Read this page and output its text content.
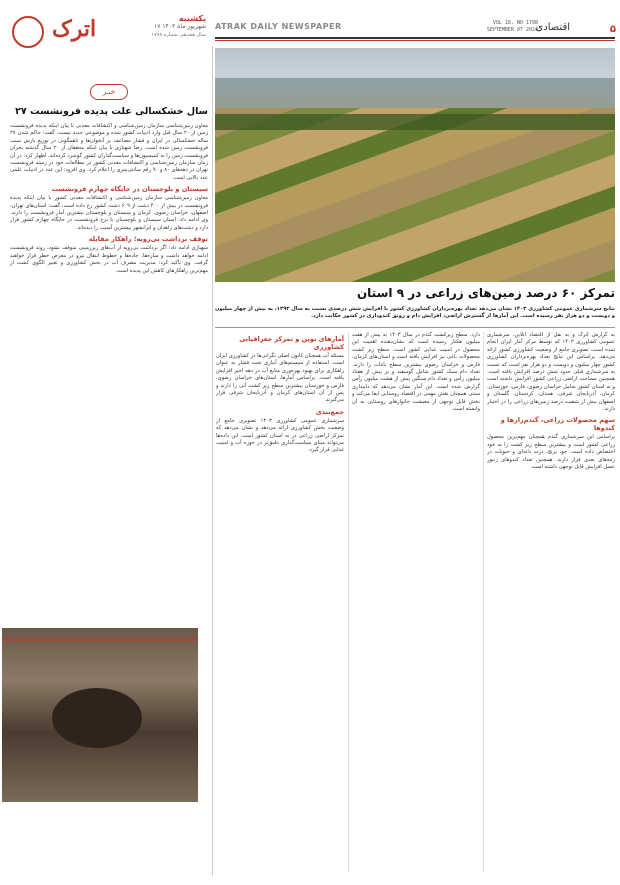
۵
اقتصادی
VOL 18, NO 1798
SEPTEMBER 07 2024
ATRAK DAILY NEWSPAPER
اترک	یکشنبه
۱۷ شهریور ماه ۱۴۰۳
سال هجدهم، شماره ۱۷۹۸
خبـر
۲۷ سال خشکسالی علت پدیده فرونشست

معاون زمین‌شناسی سازمان زمین‌شناسی و اکتشافات معدنی با بیان اینکه پدیده فرونشست زمین از ۲۰ سال قبل وارد ادبیات کشور شده و موضوعی جدید نیست، گفت: حاکم شدن ۲۷ ساله خشکسالی در ایران و فشار مضاعف بر آبخوان‌ها و ناهمگونی در توزیع بارش سبب فرونشست زمین شده است. رضا شهبازی با بیان اینکه محققان از ۲۰ سال گذشته بحران فرونشست زمین را به کمیسیون‌ها و سیاست‌گذاران کشور گوشزد کرده‌اند، اظهار کرد: در آن زمان سازمان زمین‌شناسی و اکتشافات معدنی کشور در مطالعات خود در زمینه فرونشست تهران در دهه‌های ۸۰ و ۹۰ رقم سانتی‌متری را اعلام کرد. وی افزود: این عدد در ادبیات علمی عدد بالایی است.

سیستان و بلوچستان در جایگاه چهارم فرونشست

معاون زمین‌شناسی سازمان زمین‌شناسی و اکتشافات معدنی کشور با بیان اینکه پدیده فرونشست در بیش از ۴۰۰ دشت از ۶۰۹ دشت کشور رخ داده است، گفت: استان‌های تهران، اصفهان، خراسان رضوی، کرمان و سیستان و بلوچستان بیشترین آمار فرونشست را دارند. وی ادامه داد: استان سیستان و بلوچستان با نرخ فرونشست در جایگاه چهارم کشور قرار دارد و دشت‌های زاهدان و ایرانشهر بیشترین آسیب را دیده‌اند.

توقف برداشت بی‌رویه؛ راهکار مقابله

شهبازی ادامه داد: اگر برداشت بی‌رویه از آب‌های زیرزمینی متوقف نشود، روند فرونشست ادامه خواهد داشت و سازه‌ها، جاده‌ها و خطوط انتقال نیرو در معرض خطر قرار خواهند گرفت. وی تأکید کرد: مدیریت مصرف آب در بخش کشاورزی و تغییر الگوی کشت از مهم‌ترین راهکارهای کاهش این پدیده است.

تمرکز ۶۰ درصد زمین‌های زراعی در ۹ استان

نتایج سرشماری عمومی کشاورزی ۱۴۰۳ نشان می‌دهد تعداد بهره‌برداران کشاورزی کشور با افزایش شش درصدی نسبت به سال ۱۳۹۳، به بیش از چهار میلیون و دویست و دو هزار نفر رسیده است. این آمارها از گسترش اراضی، افزایش دام و رونق کندوداری در کشور حکایت دارد.

به گزارش اترک و به نقل از اقتصاد آنلاین، سرشماری عمومی کشاورزی ۱۴۰۳ که توسط مرکز آمار ایران انجام شده است، تصویری جامع از وضعیت کشاورزی کشور ارائه می‌دهد. براساس این نتایج تعداد بهره‌برداران کشاورزی کشور چهار میلیون و دویست و دو هزار نفر است که نسبت به سرشماری قبلی حدود شش درصد افزایش یافته است. همچنین مساحت اراضی زراعی کشور افزایش داشته است و نه استان کشور شامل خراسان رضوی، فارس، خوزستان، کرمان، آذربایجان شرقی، همدان، کردستان، گلستان و اصفهان بیش از شصت درصد زمین‌های زراعی را در اختیار دارند.

سهم محصولات زراعی، گندم‌زارها و کندوها

براساس این سرشماری گندم همچنان مهم‌ترین محصول زراعی کشور است و بیشترین سطح زیر کشت را به خود اختصاص داده است. جو، برنج، ذرت دانه‌ای و حبوبات در رتبه‌های بعدی قرار دارند. همچنین تعداد کندوهای زنبور عسل افزایش قابل توجهی داشته است.

دارد. سطح زیرکشت گندم در سال ۱۴۰۳ به بیش از هفت میلیون هکتار رسیده است که نشان‌دهنده اهمیت این محصول در امنیت غذایی کشور است. سطح زیر کشت محصولات باغی نیز افزایش یافته است و استان‌های کرمان، فارس و خراسان رضوی بیشترین سطح باغات را دارند. تعداد دام سبک کشور شامل گوسفند و بز بیش از هفتاد میلیون رأس و تعداد دام سنگین بیش از هشت میلیون رأس گزارش شده است. این آمار نشان می‌دهد که دامداری سنتی همچنان نقش مهمی در اقتصاد روستایی ایفا می‌کند و بخش قابل توجهی از معیشت خانوارهای روستایی به آن وابسته است.

آمارهای نوین و تمرکز جغرافیایی کشاورزی

مسئله آب همچنان کانون اصلی نگرانی‌ها در کشاورزی ایران است. استفاده از سیستم‌های آبیاری تحت فشار به عنوان راهکاری برای بهبود بهره‌وری منابع آب در دهه اخیر افزایش یافته است. براساس آمارها، استان‌های خراسان رضوی، فارس و خوزستان بیشترین سطح زیر کشت آبی را دارند و پس از آن استان‌های کرمان و آذربایجان شرقی قرار می‌گیرند.

جمع‌بندی

سرشماری عمومی کشاورزی ۱۴۰۳ تصویری جامع از وضعیت بخش کشاورزی ارائه می‌دهد و نشان می‌دهد که تمرکز اراضی زراعی در نه استان کشور است. این داده‌ها می‌تواند مبنای سیاست‌گذاری دقیق‌تر در حوزه آب و امنیت غذایی قرار گیرد.
